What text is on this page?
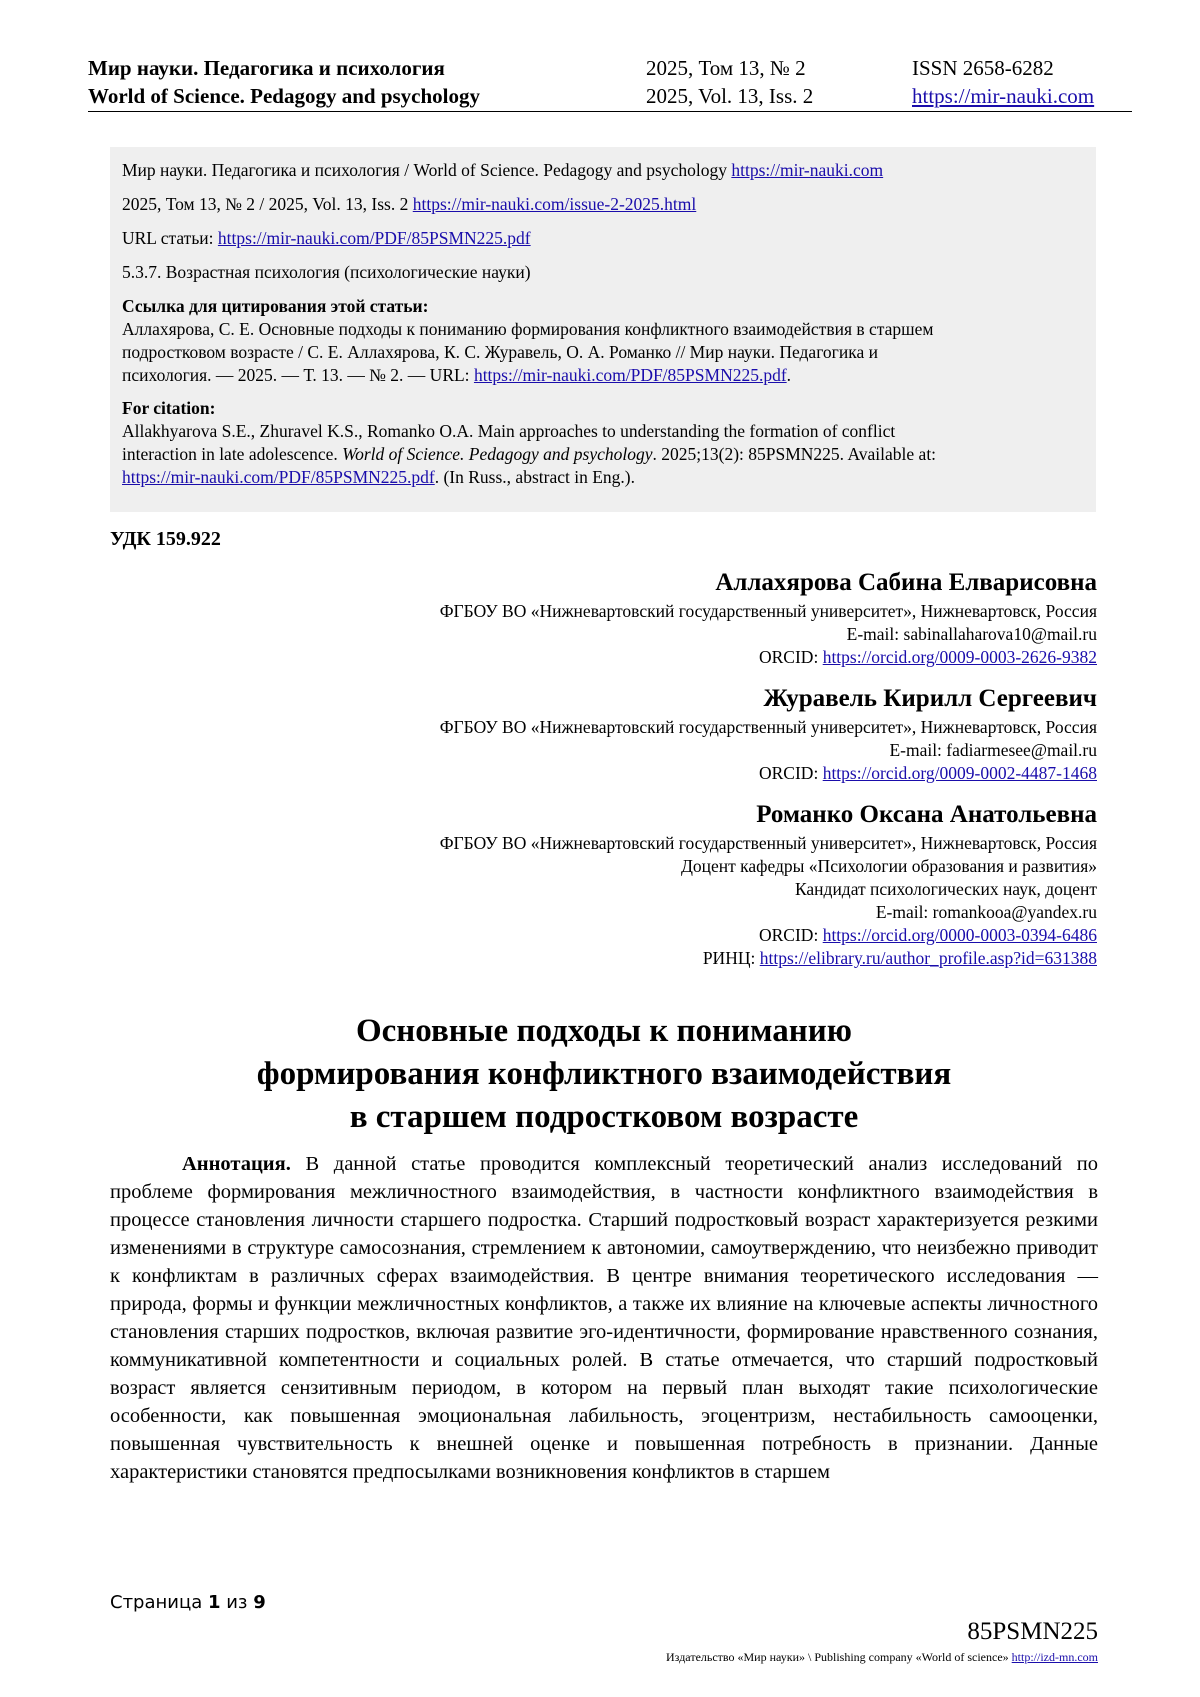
Мир науки. Педагогика и психология
World of Science. Pedagogy and psychology
2025, Том 13, № 2
2025, Vol. 13, Iss. 2
ISSN 2658-6282
https://mir-nauki.com

Мир науки. Педагогика и психология / World of Science. Pedagogy and psychology https://mir-nauki.com

2025, Том 13, № 2 / 2025, Vol. 13, Iss. 2 https://mir-nauki.com/issue-2-2025.html

URL статьи: https://mir-nauki.com/PDF/85PSMN225.pdf

5.3.7. Возрастная психология (психологические науки)

Ссылка для цитирования этой статьи:

Аллахярова, С. Е. Основные подходы к пониманию формирования конфликтного взаимодействия в старшем

подростковом возрасте / С. Е. Аллахярова, К. С. Журавель, О. А. Романко // Мир науки. Педагогика и

психология. — 2025. — Т. 13. — № 2. — URL: https://mir-nauki.com/PDF/85PSMN225.pdf.

For citation:

Allakhyarova S.E., Zhuravel K.S., Romanko O.A. Main approaches to understanding the formation of conflict

interaction in late adolescence. World of Science. Pedagogy and psychology. 2025;13(2): 85PSMN225. Available at:

https://mir-nauki.com/PDF/85PSMN225.pdf. (In Russ., abstract in Eng.).

УДК 159.922
Аллахярова Сабина Елварисовна
ФГБОУ ВО «Нижневартовский государственный университет», Нижневартовск, Россия
E-mail: sabinallaharova10@mail.ru
ORCID: https://orcid.org/0009-0003-2626-9382
Журавель Кирилл Сергеевич
ФГБОУ ВО «Нижневартовский государственный университет», Нижневартовск, Россия
E-mail: fadiarmesee@mail.ru
ORCID: https://orcid.org/0009-0002-4487-1468
Романко Оксана Анатольевна
ФГБОУ ВО «Нижневартовский государственный университет», Нижневартовск, Россия
Доцент кафедры «Психологии образования и развития»
Кандидат психологических наук, доцент
E-mail: romankooa@yandex.ru
ORCID: https://orcid.org/0000-0003-0394-6486
РИНЦ: https://elibrary.ru/author_profile.asp?id=631388
Основные подходы к пониманию
формирования конфликтного взаимодействия
в старшем подростковом возрасте

Аннотация. В данной статье проводится комплексный теоретический анализ исследований по проблеме формирования межличностного взаимодействия, в частности конфликтного взаимодействия в процессе становления личности старшего подростка. Старший подростковый возраст характеризуется резкими изменениями в структуре самосознания, стремлением к автономии, самоутверждению, что неизбежно приводит к конфликтам в различных сферах взаимодействия. В центре внимания теоретического исследования — природа, формы и функции межличностных конфликтов, а также их влияние на ключевые аспекты личностного становления старших подростков, включая развитие эго-идентичности, формирование нравственного сознания, коммуникативной компетентности и социальных ролей. В статье отмечается, что старший подростковый возраст является сензитивным периодом, в котором на первый план выходят такие психологические особенности, как повышенная эмоциональная лабильность, эгоцентризм, нестабильность самооценки, повышенная чувствительность к внешней оценке и повышенная потребность в признании. Данные характеристики становятся предпосылками возникновения конфликтов в старшем

Страница 1 из 9
85PSMN225
Издательство «Мир науки» \ Publishing company «World of science» http://izd-mn.com
